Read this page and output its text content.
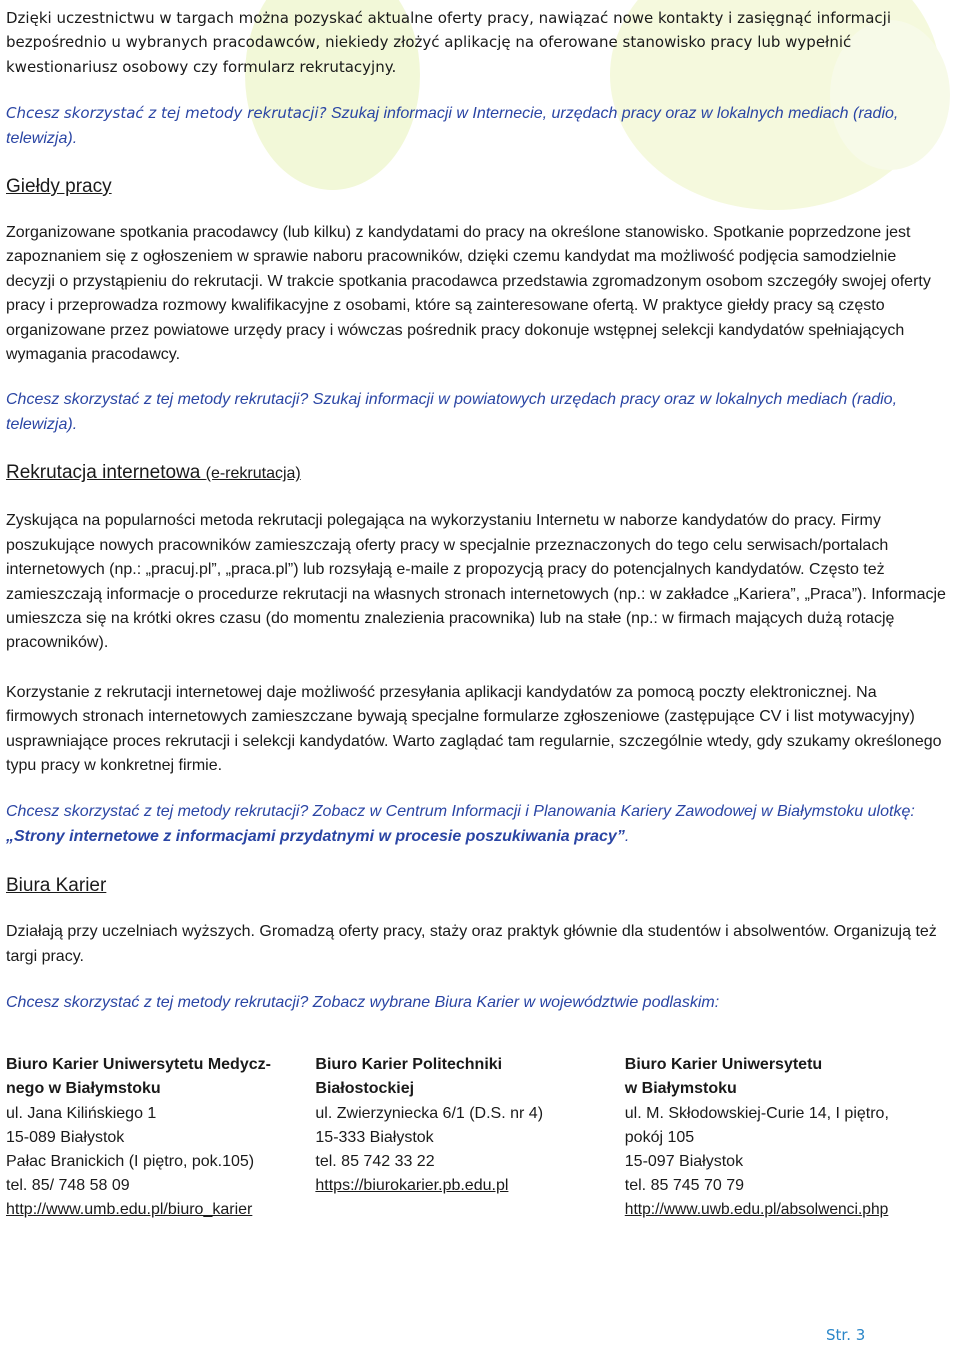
Dzięki uczestnictwu w targach można pozyskać aktualne oferty pracy, nawiązać nowe kontakty i zasięgnąć informacji bezpośrednio u wybranych pracodawców, niekiedy złożyć aplikację na oferowane stanowisko pracy lub wypełnić kwestionariusz osobowy czy formularz rekrutacyjny.

Chcesz skorzystać z tej metody rekrutacji? Szukaj informacji w Internecie, urzędach pracy oraz w lokalnych mediach (radio, telewizja).

Giełdy pracy

Zorganizowane spotkania pracodawcy (lub kilku) z kandydatami do pracy na określone stanowisko. Spotkanie poprzedzone jest zapoznaniem się z ogłoszeniem w sprawie naboru pracowników, dzięki czemu kandydat ma możliwość podjęcia samodzielnie decyzji o przystąpieniu do rekrutacji. W trakcie spotkania pracodawca przedstawia zgromadzonym osobom szczegóły swojej oferty pracy i przeprowadza rozmowy kwalifikacyjne z osobami, które są zainteresowane ofertą. W praktyce giełdy pracy są często organizowane przez powiatowe urzędy pracy i wówczas pośrednik pracy dokonuje wstępnej selekcji kandydatów spełniających wymagania pracodawcy.

Chcesz skorzystać z tej metody rekrutacji? Szukaj informacji w powiatowych urzędach pracy oraz w lokalnych mediach (radio, telewizja).

Rekrutacja internetowa (e-rekrutacja)

Zyskująca na popularności metoda rekrutacji polegająca na wykorzystaniu Internetu w naborze kandydatów do pracy. Firmy poszukujące nowych pracowników zamieszczają oferty pracy w specjalnie przeznaczonych do tego celu serwisach/portalach internetowych (np.: „pracuj.pl”, „praca.pl”) lub rozsyłają e-maile z propozycją pracy do potencjalnych kandydatów. Często też zamieszczają informacje o procedurze rekrutacji na własnych stronach internetowych (np.: w zakładce „Kariera”, „Praca”). Informacje umieszcza się na krótki okres czasu (do momentu znalezienia pracownika) lub na stałe (np.: w firmach mających dużą rotację pracowników).

Korzystanie z rekrutacji internetowej daje możliwość przesyłania aplikacji kandydatów za pomocą poczty elektronicznej. Na firmowych stronach internetowych zamieszczane bywają specjalne formularze zgłoszeniowe (zastępujące CV i list motywacyjny) usprawniające proces rekrutacji i selekcji kandydatów. Warto zaglądać tam regularnie, szczególnie wtedy, gdy szukamy określonego typu pracy w konkretnej firmie.

Chcesz skorzystać z tej metody rekrutacji? Zobacz w Centrum Informacji i Planowania Kariery Zawodowej w Białymstoku ulotkę: „Strony internetowe z informacjami przydatnymi w procesie poszukiwania pracy”.

Biura Karier

Działają przy uczelniach wyższych. Gromadzą oferty pracy, staży oraz praktyk głównie dla studentów i absolwentów. Organizują też targi pracy.

Chcesz skorzystać z tej metody rekrutacji? Zobacz wybrane Biura Karier w województwie podlaskim:

Biuro Karier Uniwersytetu Medycz-
nego w Białymstoku
ul. Jana Kilińskiego 1
15-089 Białystok
Pałac Branickich (I piętro, pok.105)
tel. 85/ 748 58 09
http://www.umb.edu.pl/biuro_karier
Biuro Karier Politechniki
Białostockiej
ul. Zwierzyniecka 6/1 (D.S. nr 4)
15-333 Białystok
tel. 85 742 33 22
https://biurokarier.pb.edu.pl
Biuro Karier Uniwersytetu
w Białymstoku
ul. M. Skłodowskiej-Curie 14, I piętro,
pokój 105
15-097 Białystok
tel. 85 745 70 79
http://www.uwb.edu.pl/absolwenci.php
Str. 3
